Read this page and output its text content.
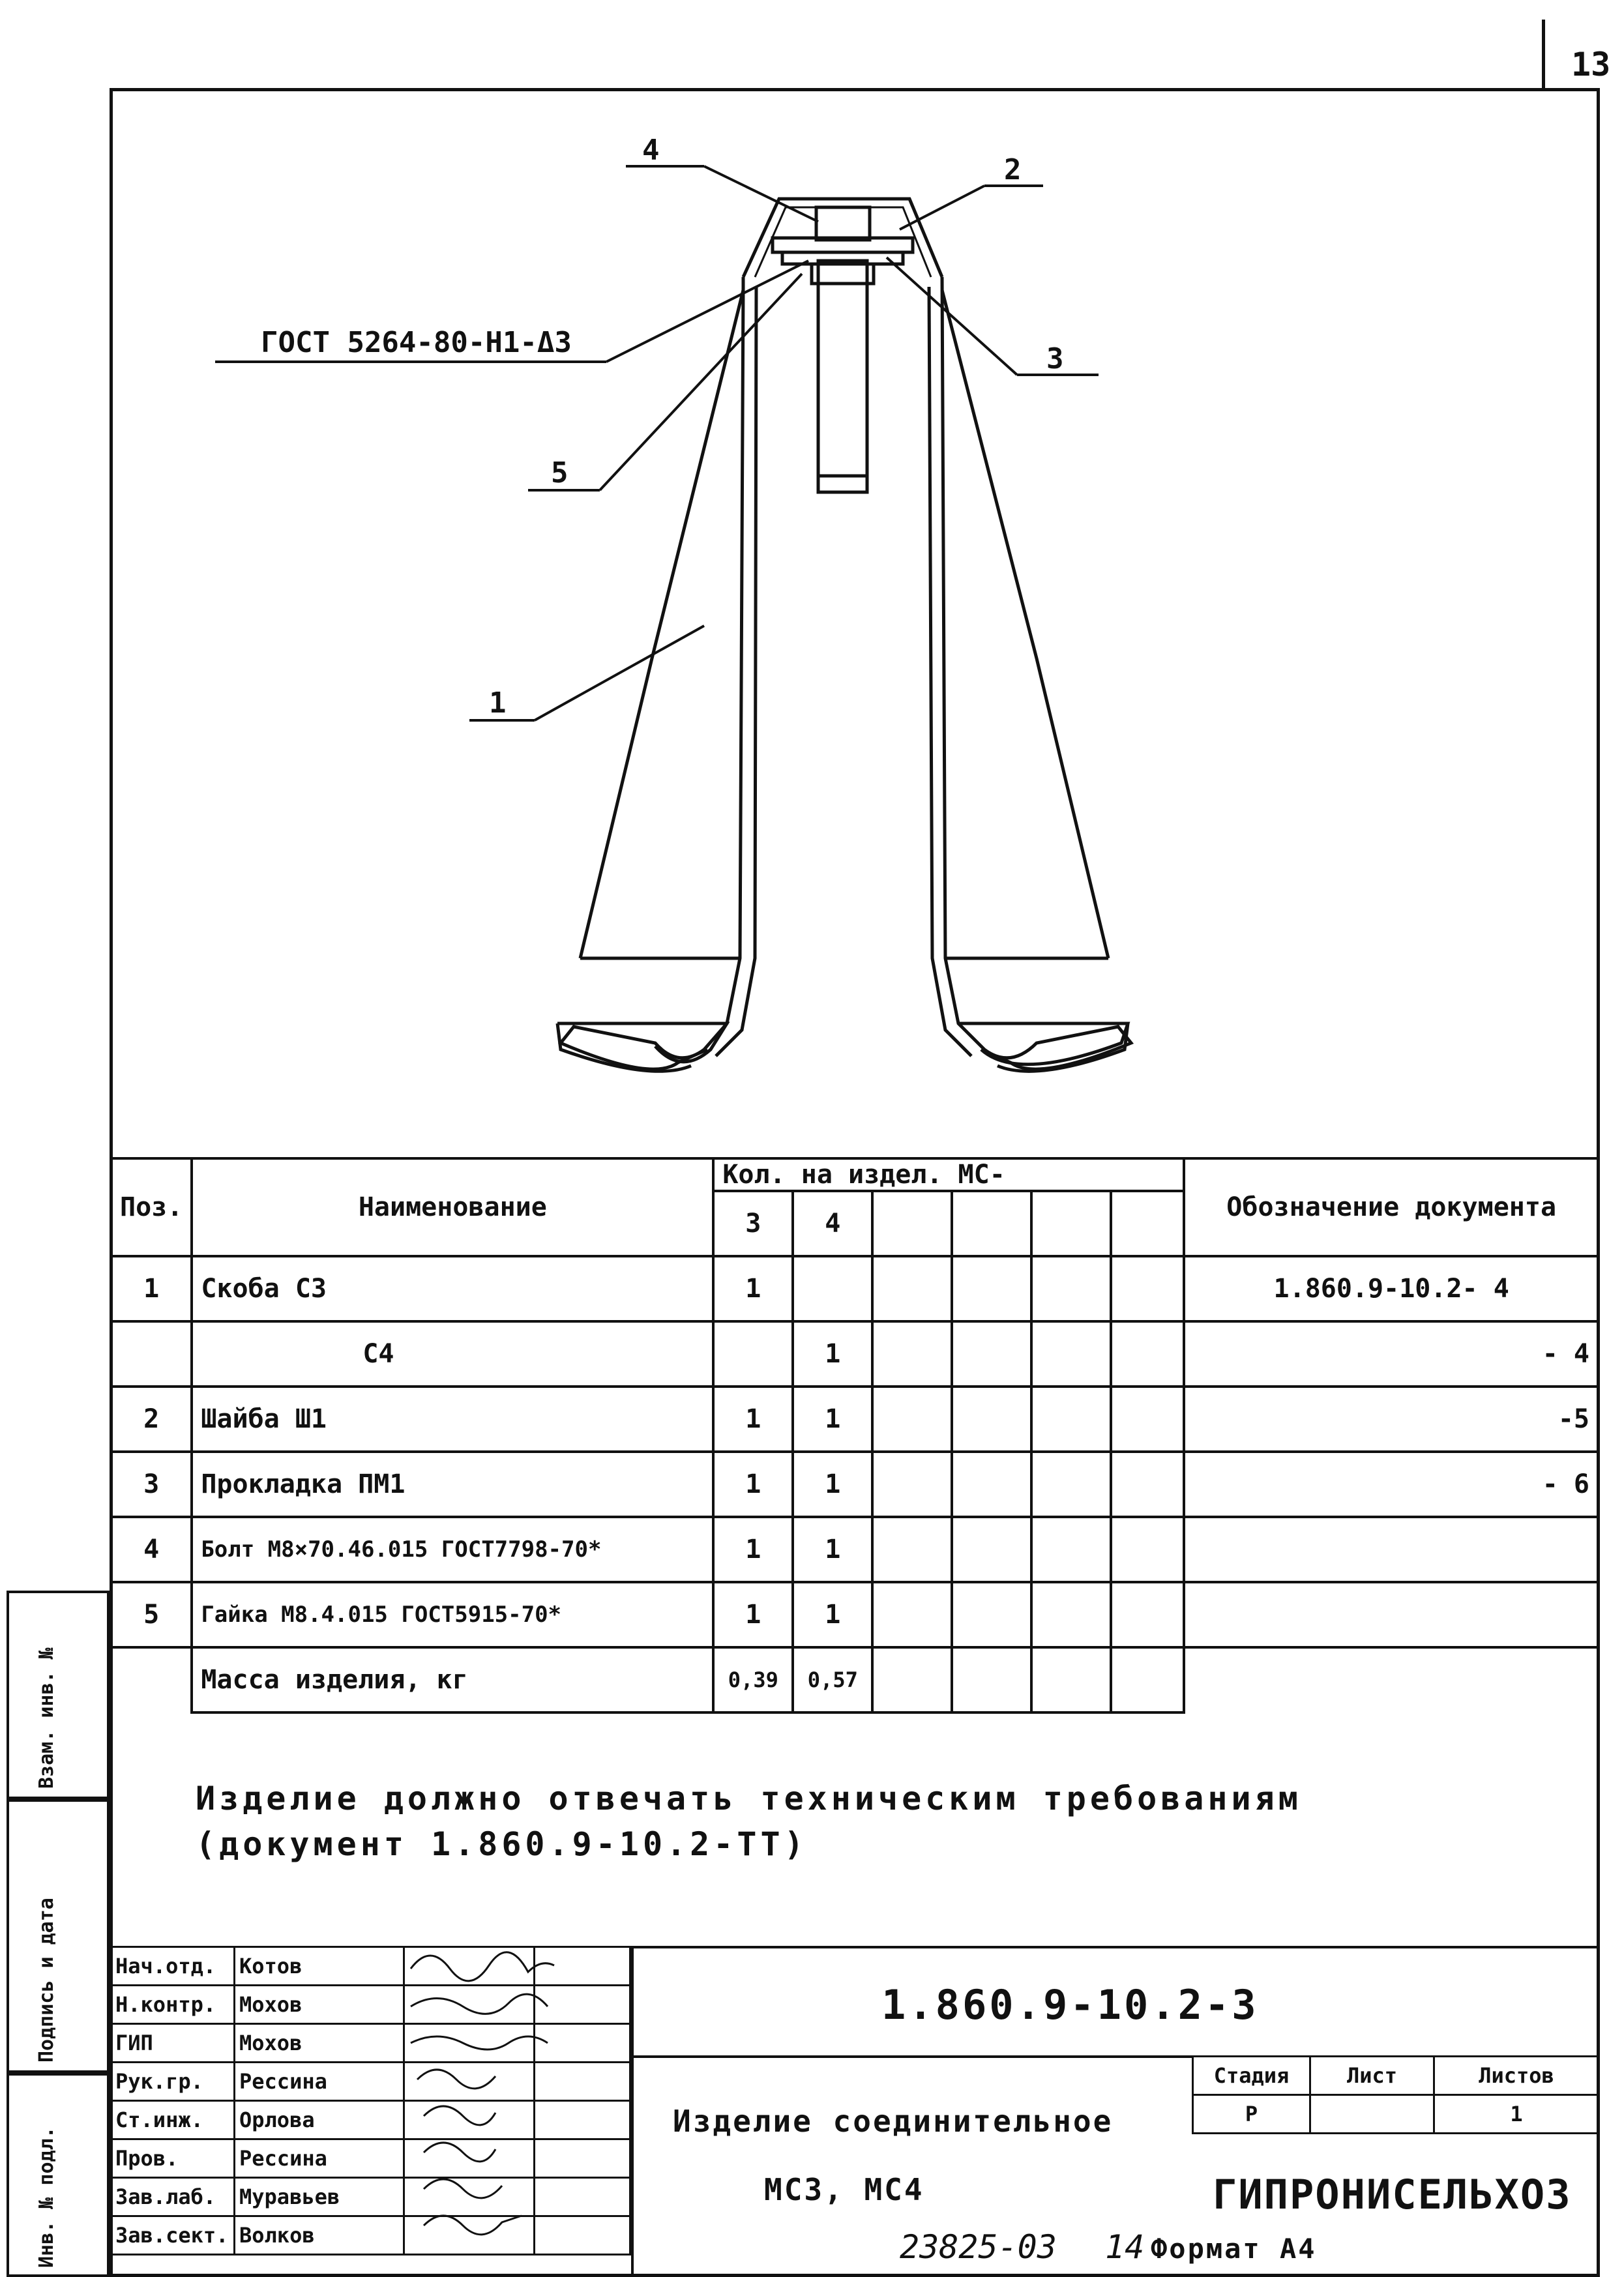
13
4
2
ГОСТ 5264-80-Н1-Δ3	3
5
1
Поз.	Наименование	Кол. на издел. МС-						Обозначение документа
		3	4					
1	Скоба С3	1						1.860.9-10.2- 4
	С4		1					- 4
2	Шайба Ш1	1	1					-5
3	Прокладка ПМ1	1	1					- 6
4	Болт М8×70.46.015 ГОСТ7798-70*	1	1					
5	Гайка М8.4.015 ГОСТ5915-70*	1	1					
	Масса изделия, кг	0,39	0,57					
Изделие должно отвечать техническим требованиям
(документ 1.860.9-10.2-ТТ)
Взам. инв. №
Подпись и дата
Инв. № подл.
Нач.отд.	Котов		
Н.контр.	Мохов		
ГИП	Мохов		
Рук.гр.	Рессина		
Ст.инж.	Орлова		
Пров.	Рессина		
Зав.лаб.	Муравьев		
Зав.сект.	Волков		
1.860.9-10.2-3
Изделие соединительное
МС3, МС4
Стадия	Лист	Листов
Р		1
ГИПРОНИСЕЛЬХОЗ
23825-03 14 Формат А4
